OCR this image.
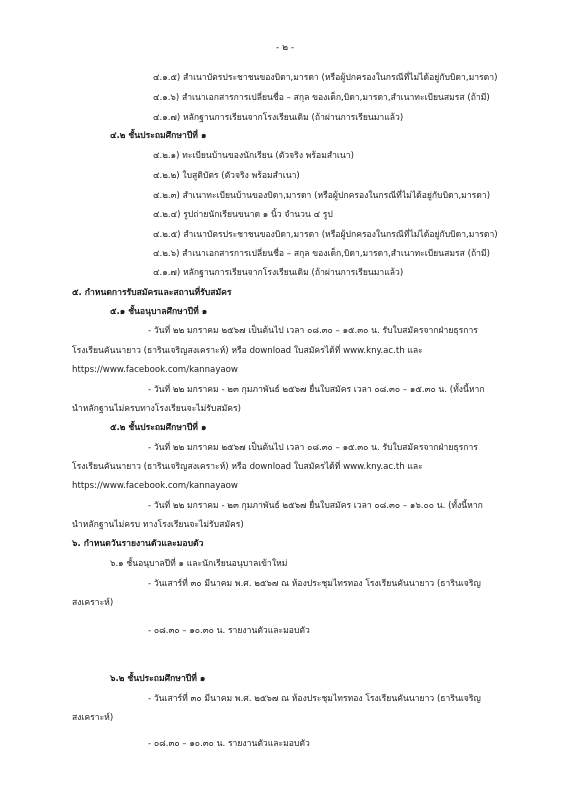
- ๒ -
๔.๑.๕) สำเนาบัตรประชาชนของบิดา,มารดา (หรือผู้ปกครองในกรณีที่ไม่ได้อยู่กับบิดา,มารดา)
๔.๑.๖) สำเนาเอกสารการเปลี่ยนชื่อ – สกุล ของเด็ก,บิดา,มารดา,สำเนาทะเบียนสมรส (ถ้ามี)
๔.๑.๗) หลักฐานการเรียนจากโรงเรียนเดิม (ถ้าผ่านการเรียนมาแล้ว)
๔.๒ ชั้นประถมศึกษาปีที่ ๑
๔.๒.๑) ทะเบียนบ้านของนักเรียน (ตัวจริง พร้อมสำเนา)
๔.๒.๒) ใบสูติบัตร (ตัวจริง พร้อมสำเนา)
๔.๒.๓) สำเนาทะเบียนบ้านของบิดา,มารดา (หรือผู้ปกครองในกรณีที่ไม่ได้อยู่กับบิดา,มารดา)
๔.๒.๔) รูปถ่ายนักเรียนขนาด ๑ นิ้ว จำนวน ๔ รูป
๔.๒.๕) สำเนาบัตรประชาชนของบิดา,มารดา (หรือผู้ปกครองในกรณีที่ไม่ได้อยู่กับบิดา,มารดา)
๔.๒.๖) สำเนาเอกสารการเปลี่ยนชื่อ – สกุล ของเด็ก,บิดา,มารดา,สำเนาทะเบียนสมรส (ถ้ามี)
๔.๑.๗) หลักฐานการเรียนจากโรงเรียนเดิม (ถ้าผ่านการเรียนมาแล้ว)
๕. กำหนดการรับสมัครและสถานที่รับสมัคร
๕.๑ ชั้นอนุบาลศึกษาปีที่ ๑
- วันที่ ๒๒ มกราคม ๒๕๖๗ เป็นต้นไป เวลา ๐๘.๓๐ – ๑๕.๓๐ น. รับใบสมัครจากฝ่ายธุรการ
โรงเรียนคันนายาว (ธารินเจริญสงเคราะห์) หรือ download ใบสมัครได้ที่ www.kny.ac.th และ
https://www.facebook.com/kannayaow
- วันที่ ๒๒ มกราคม - ๒๓ กุมภาพันธ์ ๒๕๖๗ ยื่นใบสมัคร เวลา ๐๘.๓๐ – ๑๕.๓๐ น. (ทั้งนี้หาก
นำหลักฐานไม่ครบทางโรงเรียนจะไม่รับสมัคร)
๕.๒ ชั้นประถมศึกษาปีที่ ๑
- วันที่ ๒๒ มกราคม ๒๕๖๗ เป็นต้นไป เวลา ๐๘.๓๐ – ๑๕.๓๐ น. รับใบสมัครจากฝ่ายธุรการ
โรงเรียนคันนายาว (ธารินเจริญสงเคราะห์) หรือ download ใบสมัครได้ที่ www.kny.ac.th และ
https://www.facebook.com/kannayaow
- วันที่ ๒๒ มกราคม - ๒๓ กุมภาพันธ์ ๒๕๖๗ ยื่นใบสมัคร เวลา ๐๘.๓๐ – ๑๖.๐๐ น. (ทั้งนี้หาก
นำหลักฐานไม่ครบ ทางโรงเรียนจะไม่รับสมัคร)
๖. กำหนดวันรายงานตัวและมอบตัว
๖.๑ ชั้นอนุบาลปีที่ ๑ และนักเรียนอนุบาลเข้าใหม่
- วันเสาร์ที่ ๓๐ มีนาคม พ.ศ. ๒๕๖๗ ณ ห้องประชุมไทรทอง โรงเรียนคันนายาว (ธารินเจริญ
สงเคราะห์)
- ๐๘.๓๐ – ๑๐.๓๐ น. รายงานตัวและมอบตัว
๖.๒ ชั้นประถมศึกษาปีที่ ๑
- วันเสาร์ที่ ๓๐ มีนาคม พ.ศ. ๒๕๖๗ ณ ห้องประชุมไทรทอง โรงเรียนคันนายาว (ธารินเจริญ
สงเคราะห์)
- ๐๘.๓๐ – ๑๐.๓๐ น. รายงานตัวและมอบตัว
